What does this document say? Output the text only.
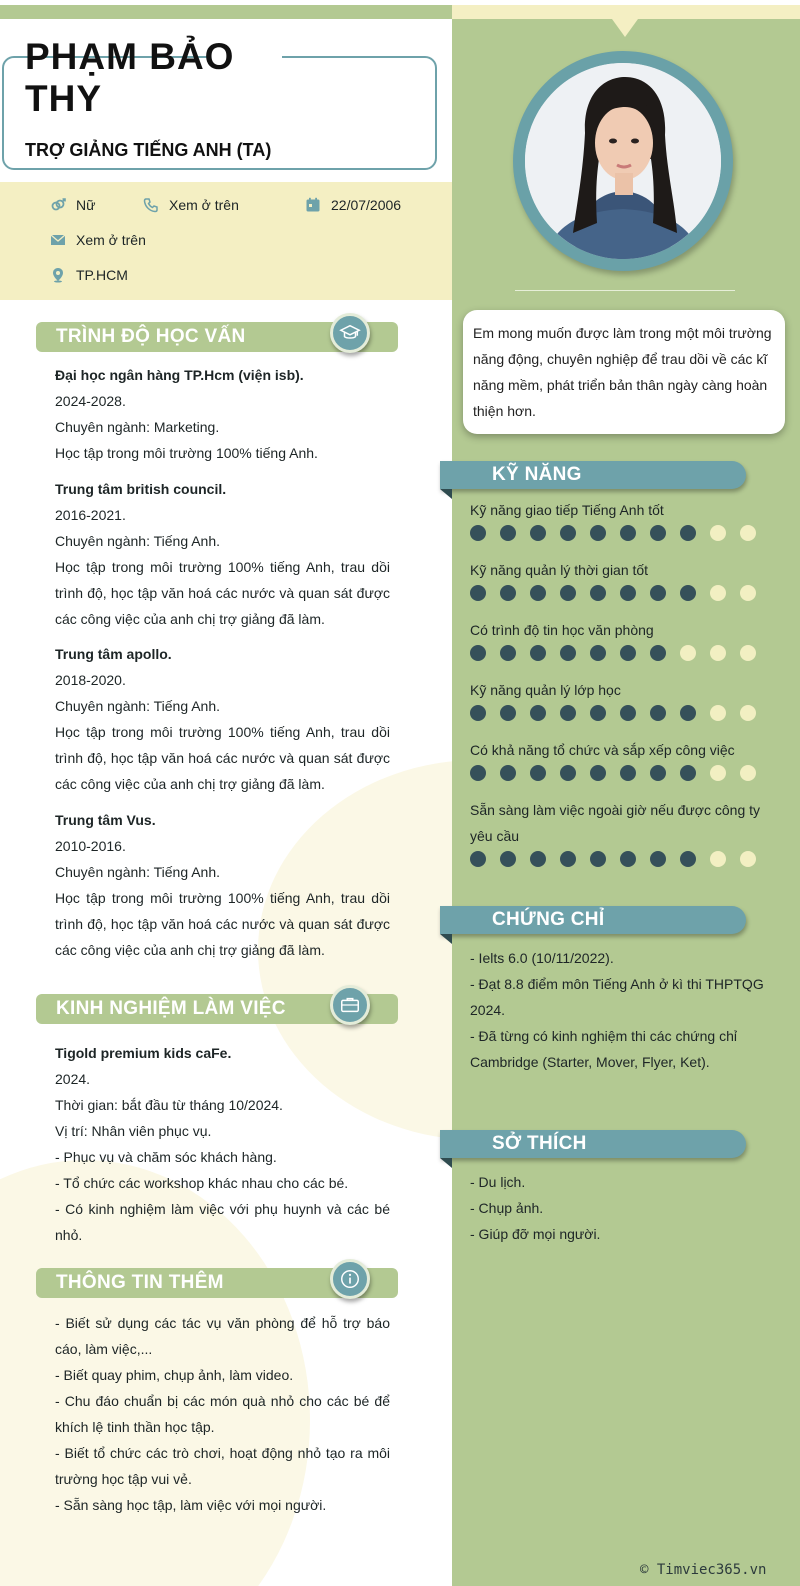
Em mong muốn được làm trong một môi trường năng động, chuyên nghiệp để trau dồi về các kĩ năng mềm, phát triển bản thân ngày càng hoàn thiện hơn.
KỸ NĂNG
Kỹ năng giao tiếp Tiếng Anh tốt
Kỹ năng quản lý thời gian tốt
Có trình độ tin học văn phòng
Kỹ năng quản lý lớp học
Có khả năng tổ chức và sắp xếp công việc
Sẵn sàng làm việc ngoài giờ nếu được công ty yêu cầu
CHỨNG CHỈ
- Ielts 6.0 (10/11/2022).
- Đạt 8.8 điểm môn Tiếng Anh ở kì thi THPTQG 2024.
- Đã từng có kinh nghiệm thi các chứng chỉ Cambridge (Starter, Mover, Flyer, Ket).
SỞ THÍCH
- Du lịch.
- Chụp ảnh.
- Giúp đỡ mọi người.
PHẠM BẢO
THY
TRỢ GIẢNG TIẾNG ANH (TA)
Nữ	Xem ở trên	22/07/2006
Xem ở trên
TP.HCM
TRÌNH ĐỘ HỌC VẤN

Đại học ngân hàng TP.Hcm (viện isb).

2024-2028.

Chuyên ngành: Marketing.

Học tập trong môi trường 100% tiếng Anh.

Trung tâm british council.

2016-2021.

Chuyên ngành: Tiếng Anh.

Học tập trong môi trường 100% tiếng Anh, trau dồi trình độ, học tập văn hoá các nước và quan sát được các công việc của anh chị trợ giảng đã làm.

Trung tâm apollo.

2018-2020.

Chuyên ngành: Tiếng Anh.

Học tập trong môi trường 100% tiếng Anh, trau dồi trình độ, học tập văn hoá các nước và quan sát được các công việc của anh chị trợ giảng đã làm.

Trung tâm Vus.

2010-2016.

Chuyên ngành: Tiếng Anh.

Học tập trong môi trường 100% tiếng Anh, trau dồi trình độ, học tập văn hoá các nước và quan sát được các công việc của anh chị trợ giảng đã làm.

KINH NGHIỆM LÀM VIỆC

Tigold premium kids caFe.

2024.

Thời gian: bắt đầu từ tháng 10/2024.

Vị trí: Nhân viên phục vụ.

- Phục vụ và chăm sóc khách hàng.

- Tổ chức các workshop khác nhau cho các bé.

- Có kinh nghiệm làm việc với phụ huynh và các bé nhỏ.

THÔNG TIN THÊM

- Biết sử dụng các tác vụ văn phòng để hỗ trợ báo cáo, làm việc,...

- Biết quay phim, chụp ảnh, làm video.

- Chu đáo chuẩn bị các món quà nhỏ cho các bé để khích lệ tinh thần học tập.

- Biết tổ chức các trò chơi, hoạt động nhỏ tạo ra môi trường học tập vui vẻ.

- Sẵn sàng học tập, làm việc với mọi người.

© Timviec365.vn
